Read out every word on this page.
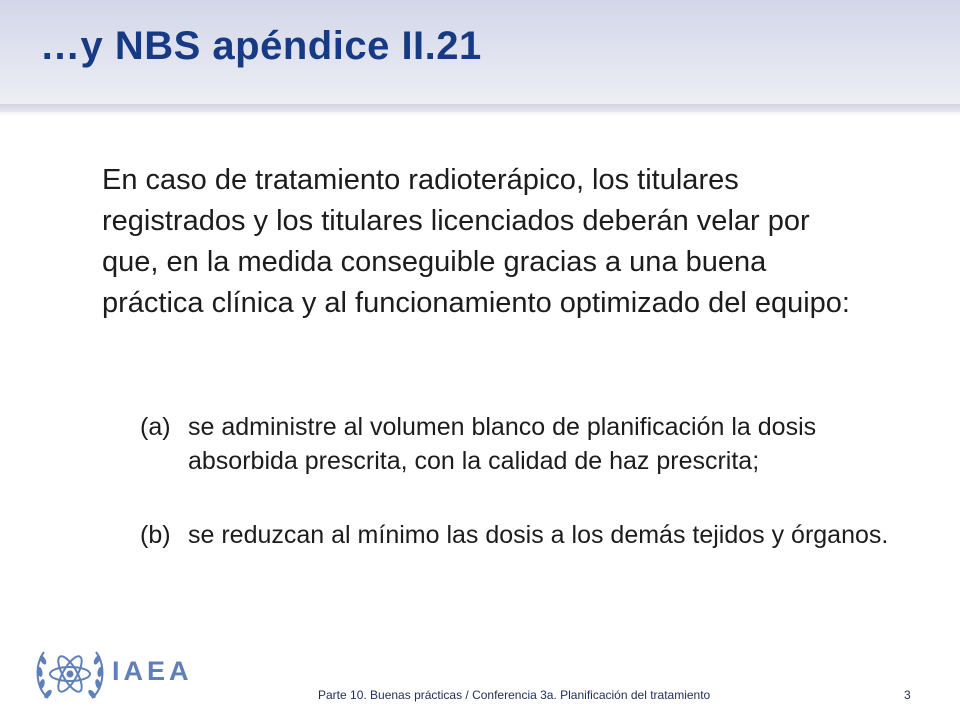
…y NBS apéndice II.21

En caso de tratamiento radioterápico, los titulares registrados y los titulares licenciados deberán velar por que, en la medida conseguible gracias a una buena práctica clínica y al funcionamiento optimizado del equipo:

(a) se administre al volumen blanco de planificación la dosis absorbida prescrita, con la calidad de haz prescrita;
(b) se reduzcan al mínimo las dosis a los demás tejidos y órganos.
IAEA
Parte 10. Buenas prácticas / Conferencia 3a. Planificación del tratamiento	3
